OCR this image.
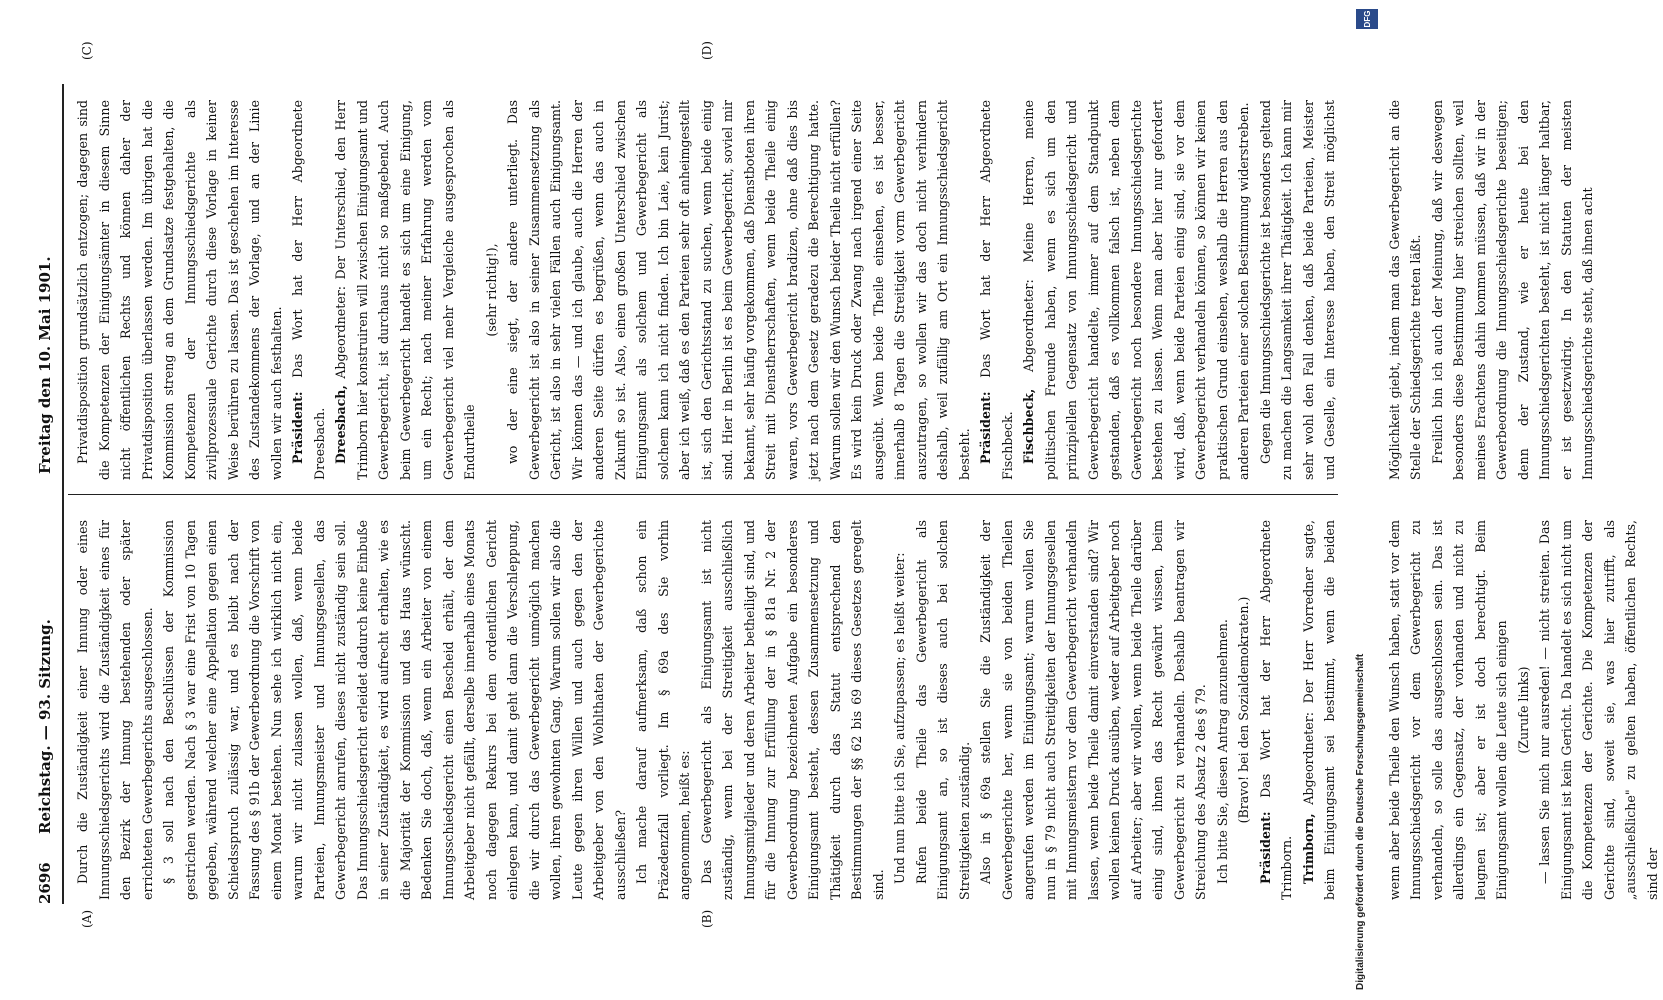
2696
Reichstag. — 93. Sitzung.
Freitag den 10. Mai 1901.
(A)	(B)
(C)	(D)

Durch die Zuständigkeit einer Innung oder eines Innungsschiedsgerichts wird die Zuständigkeit eines für den Bezirk der Innung bestehenden oder später errichteten Gewerbegerichts ausgeschlossen. § 3 soll nach den Beschlüssen der Kommission gestrichen werden. Nach § 3 war eine Frist von 10 Tagen gegeben, während welcher eine Appellation gegen einen Schiedsspruch zulässig war, und es bleibt nach der Fassung des § 91b der Gewerbeordnung die Vorschrift von einem Monat bestehen. Nun sehe ich wirklich nicht ein, warum wir nicht zulassen wollen, daß, wenn beide Parteien, Innungsmeister und Innungsgesellen, das Gewerbegericht anrufen, dieses nicht zuständig sein soll. Das Innungsschiedsgericht erleidet dadurch keine Einbuße in seiner Zuständigkeit, es wird aufrecht erhalten, wie es die Majorität der Kommission und das Haus wünscht. Bedenken Sie doch, daß, wenn ein Arbeiter von einem Innungsschiedsgericht einen Bescheid erhält, der dem Arbeitgeber nicht gefällt, derselbe innerhalb eines Monats noch dagegen Rekurs bei dem ordentlichen Gericht einlegen kann, und damit geht dann die Verschleppung, die wir durch das Gewerbegericht unmöglich machen wollen, ihren gewohnten Gang. Warum sollen wir also die Leute gegen ihren Willen und auch gegen den der Arbeitgeber von den Wohlthaten der Gewerbegerichte ausschließen? Ich mache darauf aufmerksam, daß schon ein Präzedenzfall vorliegt. Im § 69a des Sie vorhin angenommen, heißt es: Das Gewerbegericht als Einigungsamt ist nicht zuständig, wenn bei der Streitigkeit ausschließlich Innungsmitglieder und deren Arbeiter betheiligt sind, und für die Innung zur Erfüllung der in § 81a Nr. 2 der Gewerbeordnung bezeichneten Aufgabe ein besonderes Einigungsamt besteht, dessen Zusammensetzung und Thätigkeit durch das Statut entsprechend den Bestimmungen der §§ 62 bis 69 dieses Gesetzes geregelt sind.

Und nun bitte ich Sie, aufzupassen; es heißt weiter: Rufen beide Theile das Gewerbegericht als Einigungsamt an, so ist dieses auch bei solchen Streitigkeiten zuständig. Also in § 69a stellen Sie die Zuständigkeit der Gewerbegerichte her, wenn sie von beiden Theilen angerufen werden im Einigungsamt; warum wollen Sie nun in § 79 nicht auch Streitigkeiten der Innungsgesellen mit Innungsmeistern vor dem Gewerbegericht verhandeln lassen, wenn beide Theile damit einverstanden sind? Wir wollen keinen Druck ausüben, weder auf Arbeitgeber noch auf Arbeiter; aber wir wollen, wenn beide Theile darüber einig sind, ihnen das Recht gewährt wissen, beim Gewerbegericht zu verhandeln. Deshalb beantragen wir Streichung des Absatz 2 des § 79. Ich bitte Sie, diesen Antrag anzunehmen. (Bravo! bei den Sozialdemokraten.)

Präsident: Das Wort hat der Herr Abgeordnete Trimborn. Trimborn, Abgeordneter: Der Herr Vorredner sagte, beim Einigungsamt sei bestimmt, wenn die beiden wenn aber beide Theile den Wunsch haben, statt vor dem Innungsschiedsgericht vor dem Gewerbegericht zu verhandeln, so solle das ausgeschlossen sein. Das ist allerdings ein Gegensatz, der vorhanden und nicht zu leugnen ist; aber er ist doch berechtigt. Beim Einigungsamt wollen die Leute sich einigen

(Zurufe links) — lassen Sie mich nur ausreden! — nicht streiten. Das Einigungsamt ist kein Gericht. Da handelt es sich nicht um die Kompetenzen der Gerichte. Die Kompetenzen der Gerichte sind, soweit sie, was hier zutrifft, als „ausschließliche" zu gelten haben, öffentlichen Rechts, sind der

Privatdisposition grundsätzlich entzogen; dagegen sind die Kompetenzen der Einigungsämter in diesem Sinne nicht öffentlichen Rechts und können daher der Privatdisposition überlassen werden. Im übrigen hat die Kommission streng an dem Grundsatze festgehalten, die Kompetenzen der Innungsschiedsgerichte als zivilprozessuale Gerichte durch diese Vorlage in keiner Weise berühren zu lassen. Das ist geschehen im Interesse des Zustandekommens der Vorlage, und an der Linie wollen wir auch festhalten. Präsident: Das Wort hat der Herr Abgeordnete Dreesbach. Dreesbach, Abgeordneter: Der Unterschied, den Herr Trimborn hier konstruiren will zwischen Einigungsamt und Gewerbegericht, ist durchaus nicht so maßgebend. Auch beim Gewerbegericht handelt es sich um eine Einigung, um ein Recht; nach meiner Erfahrung werden vom Gewerbegericht viel mehr Vergleiche ausgesprochen als Endurtheile

(sehr richtig!), wo der eine siegt, der andere unterliegt. Das Gewerbegericht ist also in seiner Zusammensetzung als Gericht, ist also in sehr vielen Fällen auch Einigungsamt. Wir können das — und ich glaube, auch die Herren der anderen Seite dürfen es begrüßen, wenn das auch in Zukunft so ist. Also, einen großen Unterschied zwischen Einigungsamt als solchem und Gewerbegericht als solchem kann ich nicht finden. Ich bin Laie, kein Jurist; aber ich weiß, daß es den Parteien sehr oft anheimgestellt ist, sich den Gerichtsstand zu suchen, wenn beide einig sind. Hier in Berlin ist es beim Gewerbegericht, soviel mir bekannt, sehr häufig vorgekommen, daß Dienstboten ihren Streit mit Dienstherrschaften, wenn beide Theile einig waren, vors Gewerbegericht bradizen, ohne daß dies bis jetzt nach dem Gesetz geradezu die Berechtigung hatte. Warum sollen wir den Wunsch beider Theile nicht erfüllen? Es wird kein Druck oder Zwang nach irgend einer Seite ausgeübt. Wenn beide Theile einsehen, es ist besser, innerhalb 8 Tagen die Streitigkeit vorm Gewerbegericht auszutragen, so wollen wir das doch nicht verhindern deshalb, weil zufällig am Ort ein Innungsschiedsgericht besteht. Präsident: Das Wort hat der Herr Abgeordnete Fischbeck. Fischbeck, Abgeordneter: Meine Herren, meine politischen Freunde haben, wenn es sich um den prinzipiellen Gegensatz von Innungsschiedsgericht und Gewerbegericht handelte, immer auf dem Standpunkt gestanden, daß es vollkommen falsch ist, neben dem Gewerbegericht noch besondere Innungsschiedsgerichte bestehen zu lassen. Wenn man aber hier nur gefordert wird, daß, wenn beide Parteien einig sind, sie vor dem Gewerbegericht verhandeln können, so können wir keinen praktischen Grund einsehen, weshalb die Herren aus den anderen Parteien einer solchen Bestimmung widerstreben. Gegen die Innungsschiedsgerichte ist besonders geltend zu machen die Langsamkeit ihrer Thätigkeit. Ich kann mir sehr wohl den Fall denken, daß beide Parteien, Meister und Geselle, ein Interesse haben, den Streit möglichst Möglichkeit giebt, indem man das Gewerbegericht an die Stelle der Schiedsgerichte treten läßt. Freilich bin ich auch der Meinung, daß wir deswegen besonders diese Bestimmung hier streichen sollten, weil meines Erachtens dahin kommen müssen, daß wir in der Gewerbeordnung die Innungsschiedsgerichte beseitigen; denn der Zustand, wie er heute bei den Innungsschiedsgerichten besteht, ist nicht länger haltbar, er ist gesetzwidrig. In den Statuten der meisten Innungsschiedsgerichte steht, daß ihnen acht

DFG
Digitalisierung gefördert durch die Deutsche Forschungsgemeinschaft
